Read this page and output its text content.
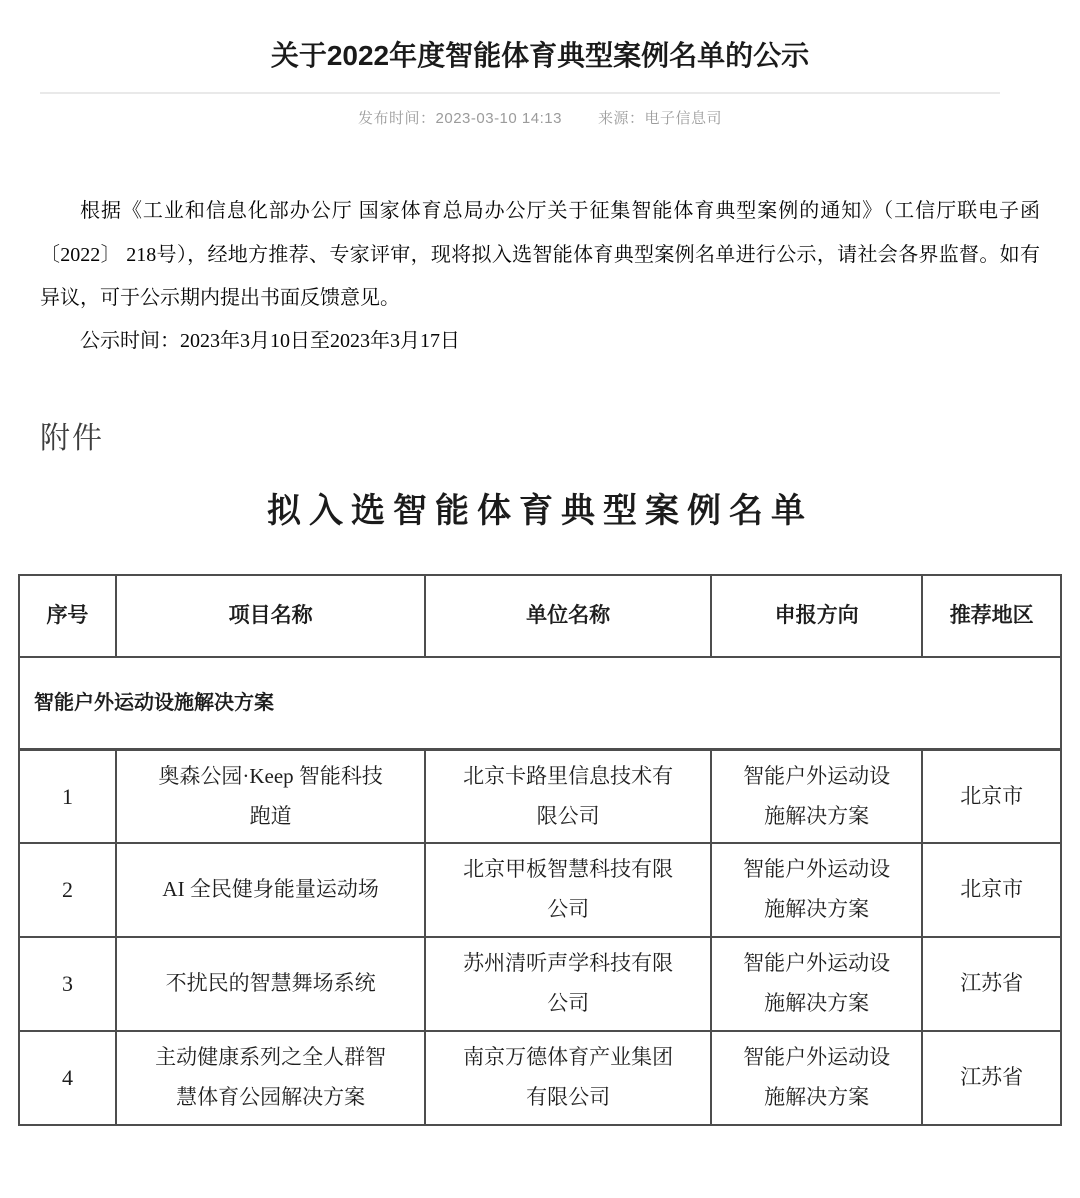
关于2022年度智能体育典型案例名单的公示
发布时间：2023-03-10 14:13 来源：电子信息司

根据《工业和信息化部办公厅 国家体育总局办公厅关于征集智能体育典型案例的通知》（工信厅联电子函〔2022〕 218号），经地方推荐、专家评审，现将拟入选智能体育典型案例名单进行公示，请社会各界监督。如有异议，可于公示期内提出书面反馈意见。

公示时间：2023年3月10日至2023年3月17日

附件
拟入选智能体育典型案例名单
智能户外运动设施解决方案				
序号	项目名称	单位名称	申报方向	推荐地区
1	奥森公园·Keep 智能科技跑道	北京卡路里信息技术有限公司	智能户外运动设施解决方案	北京市
2	AI 全民健身能量运动场	北京甲板智慧科技有限公司	智能户外运动设施解决方案	北京市
3	不扰民的智慧舞场系统	苏州清听声学科技有限公司	智能户外运动设施解决方案	江苏省
4	主动健康系列之全人群智慧体育公园解决方案	南京万德体育产业集团有限公司	智能户外运动设施解决方案	江苏省
